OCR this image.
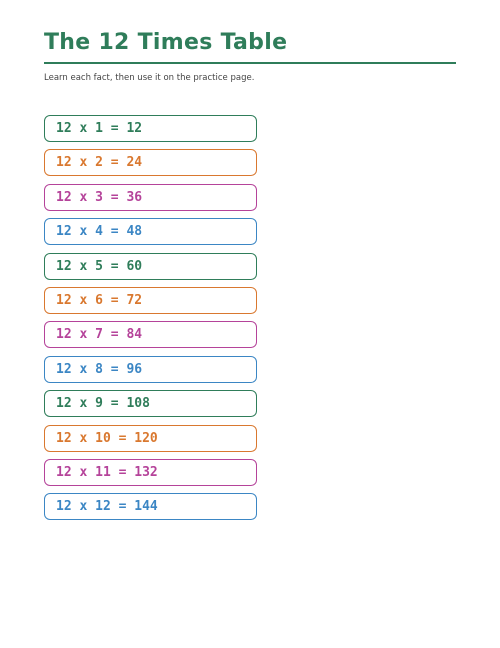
The 12 Times Table

Learn each fact, then use it on the practice page.

12 x 1 = 12
12 x 2 = 24
12 x 3 = 36
12 x 4 = 48
12 x 5 = 60
12 x 6 = 72
12 x 7 = 84
12 x 8 = 96
12 x 9 = 108
12 x 10 = 120
12 x 11 = 132
12 x 12 = 144
